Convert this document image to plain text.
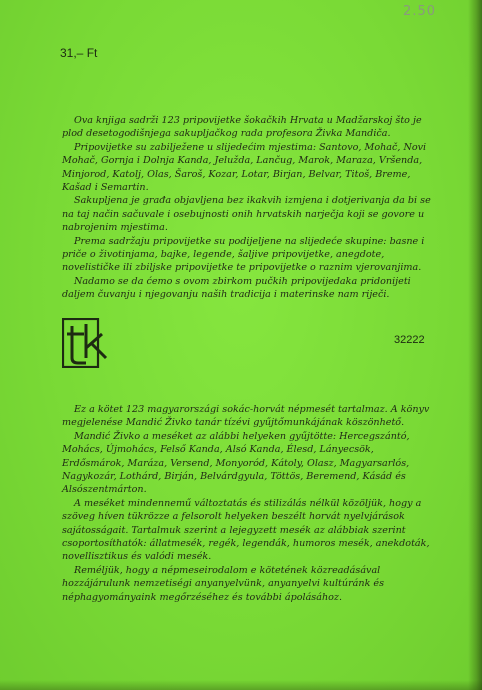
2.50
31,– Ft

Ova knjiga sadrži 123 pripovijetke šokačkih Hrvata u Madžarskoj što je plod desetogodišnjega sakupljačkog rada profesora Živka Mandiča.

Pripovijetke su zabilježene u slijedećim mjestima: Santovo, Mohač, Novi Mohač, Gornja i Dolnja Kanda, Jeluždа, Lančug, Marok, Maraza, Vršenda, Minjorod, Katolj, Olas, Šaroš, Kozar, Lotar, Birjan, Belvar, Titoš, Breme, Kašad i Semartin.

Sakupljena je građa objavljena bez ikakvih izmjena i dotjerivanja da bi se na taj način sačuvale i osebujnosti onih hrvatskih narječja koji se govore u nabrojenim mjestima.

Prema sadržaju pripovijetke su podijeljene na slijedeće skupine: basne i priče o životinjama, bajke, legende, šaljive pripovijetke, anegdote, novelističke ili zbiljske pripovijetke te pripovijetke o raznim vjerovanjima.

Nadamo se da ćemo s ovom zbirkom pučkih pripovijedaka pridonijeti daljem čuvanju i njegovanju naših tradicija i materinske nam riječi.

32222

Ez a kötet 123 magyarországi sokác-horvát népmesét tartalmaz. A könyv megjelenése Mandić Živko tanár tízévi gyűjtőmunkájának köszönhető.

Mandić Živko a meséket az alábbi helyeken gyűjtötte: Hercegszántó, Mohács, Újmohács, Felső Kanda, Alsó Kanda, Élesd, Lányecsök, Erdősmárok, Maráza, Versend, Monyoród, Kátoly, Olasz, Magyarsarlós, Nagykozár, Lothárd, Birján, Belvárdgyula, Töttös, Beremend, Kásád és Alsószentmárton.

A meséket mindennemű változtatás és stilizálás nélkül közöljük, hogy a szöveg híven tükrözze a felsorolt helyeken beszélt horvát nyelvjárások sajátosságait. Tartalmuk szerint a lejegyzett mesék az alábbiak szerint csoportosíthatók: állatmesék, regék, legendák, humoros mesék, anekdoták, novellisztikus és valódi mesék.

Reméljük, hogy a népmeseirodalom e kötetének közreadásával hozzájárulunk nemzetiségi anyanyelvünk, anyanyelvi kultúránk és néphagyományaink megőrzéséhez és további ápolásához.
